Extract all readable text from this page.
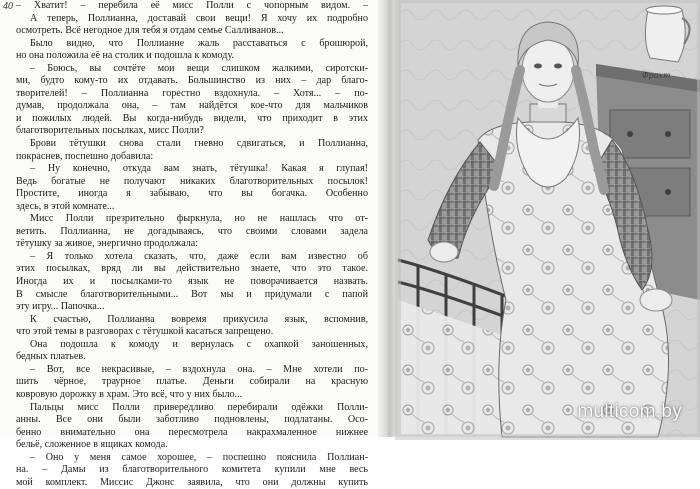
40 – Хватит! – перебила её мисс Полли с чопорным видом. –
А теперь, Поллианна, доставай свои вещи! Я хочу их подробно
осмотреть. Всё негодное для тебя я отдам семье Салливанов...
Было видно, что Поллианне жаль расставаться с брошюрой,
но она положила её на столик и подошла к комоду.
– Боюсь, вы сочтёте мои вещи слишком жалкими, сиротски-
ми, будто кому-то их отдавать. Большинство из них – дар благо-
творителей! – Поллианна горестно вздохнула. – Хотя... – по-
думав, продолжала она, – там найдётся кое-что для мальчиков
и пожилых людей. Вы когда-нибудь видели, что приходит в этих
благотворительных посылках, мисс Полли?
Брови тётушки снова стали гневно сдвигаться, и Поллианна,
покраснев, поспешно добавила:
– Ну конечно, откуда вам знать, тётушка! Какая я глупая!
Ведь богатые не получают никаких благотворительных посылок!
Простите, иногда я забываю, что вы богачка. Особенно
здесь, в этой комнате...
Мисс Полли презрительно фыркнула, но не нашлась что от-
ветить. Поллианна, не догадываясь, что своими словами задела
тётушку за живое, энергично продолжала:
– Я только хотела сказать, что, даже если вам известно об
этих посылках, вряд ли вы действительно знаете, что это такое.
Иногда их и посылками-то язык не поворачивается назвать.
В смысле благотворительными... Вот мы и придумали с папой
эту игру... Папочка...
К счастью, Поллианна вовремя прикусила язык, вспомнив,
что этой темы в разговорах с тётушкой касаться запрещено.
Она подошла к комоду и вернулась с охапкой заношенных,
бедных платьев.
– Вот, все некрасивые, – вздохнула она. – Мне хотели по-
шить чёрное, траурное платье. Деньги собирали на красную
ковровую дорожку в храм. Это всё, что у них было...
Пальцы мисс Полли привередливо перебирали одёжки Полли-
анны. Все они были заботливо подновлены, подлатаны. Осо-
бенно внимательно она пересмотрела накрахмаленное нижнее
бельё, сложенное в ящиках комода.
– Оно у меня самое хорошее, – поспешно пояснила Поллиан-
на. – Дамы из благотворительного комитета купили мне весь
мой комплект. Миссис Джонс заявила, что они должны купить
Фрахт
multicom.by
